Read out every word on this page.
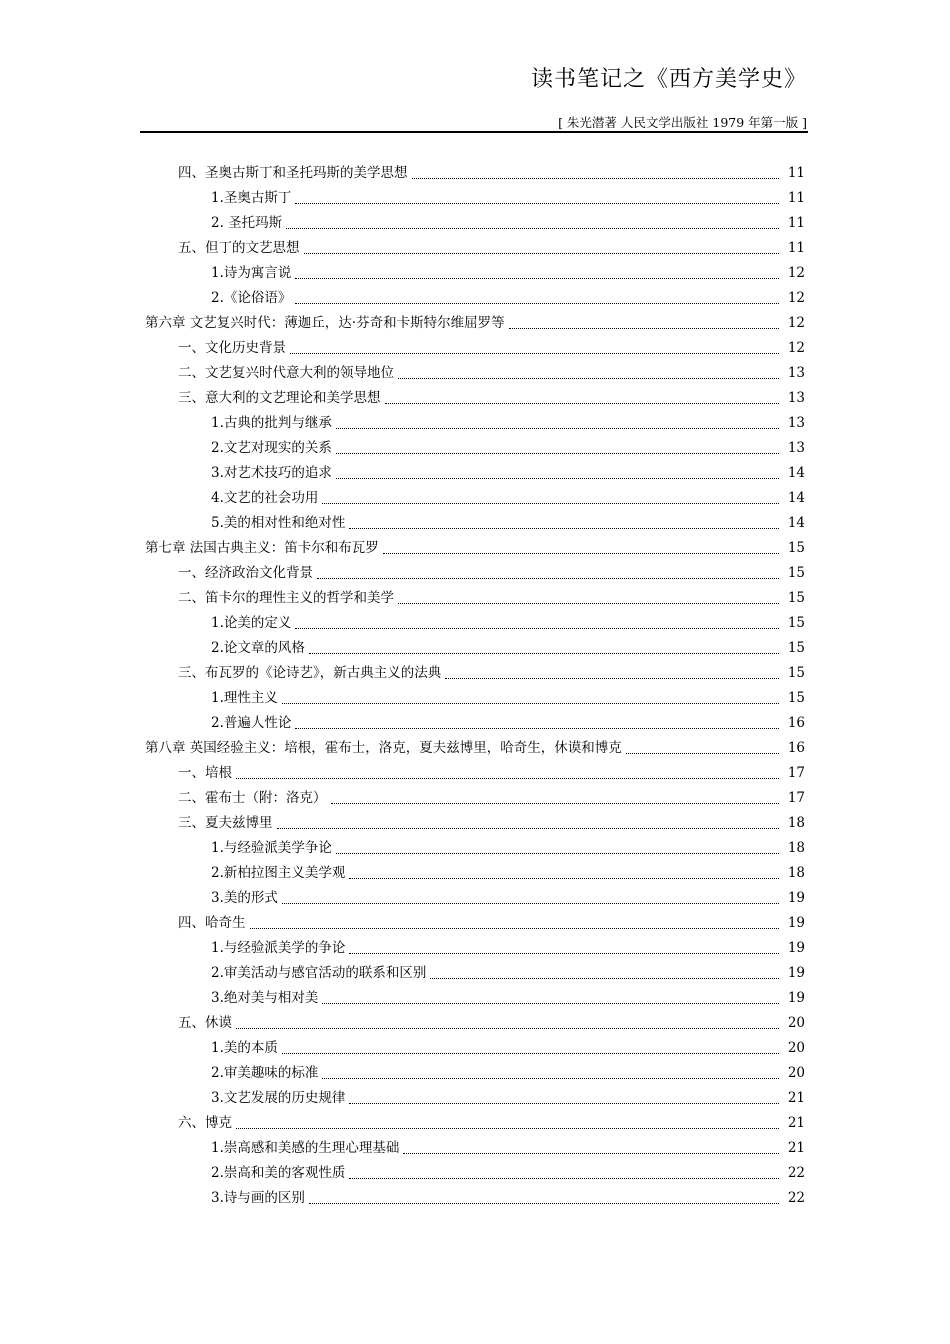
读书笔记之《西方美学史》
[ 朱光潜著 人民文学出版社 1979 年第一版 ]
四、圣奥古斯丁和圣托玛斯的美学思想	11
1.圣奥古斯丁	11
2. 圣托玛斯	11
五、但丁的文艺思想	11
1.诗为寓言说	12
2.《论俗语》	12
第六章 文艺复兴时代：薄迦丘，达·芬奇和卡斯特尔维屈罗等	12
一、文化历史背景	12
二、文艺复兴时代意大利的领导地位	13
三、意大利的文艺理论和美学思想	13
1.古典的批判与继承	13
2.文艺对现实的关系	13
3.对艺术技巧的追求	14
4.文艺的社会功用	14
5.美的相对性和绝对性	14
第七章 法国古典主义：笛卡尔和布瓦罗	15
一、经济政治文化背景	15
二、笛卡尔的理性主义的哲学和美学	15
1.论美的定义	15
2.论文章的风格	15
三、布瓦罗的《论诗艺》，新古典主义的法典	15
1.理性主义	15
2.普遍人性论	16
第八章 英国经验主义：培根，霍布士，洛克，夏夫兹博里，哈奇生，休谟和博克	16
一、培根	17
二、霍布士（附：洛克）	17
三、夏夫兹博里	18
1.与经验派美学争论	18
2.新柏拉图主义美学观	18
3.美的形式	19
四、哈奇生	19
1.与经验派美学的争论	19
2.审美活动与感官活动的联系和区别	19
3.绝对美与相对美	19
五、休谟	20
1.美的本质	20
2.审美趣味的标准	20
3.文艺发展的历史规律	21
六、博克	21
1.崇高感和美感的生理心理基础	21
2.崇高和美的客观性质	22
3.诗与画的区别	22
